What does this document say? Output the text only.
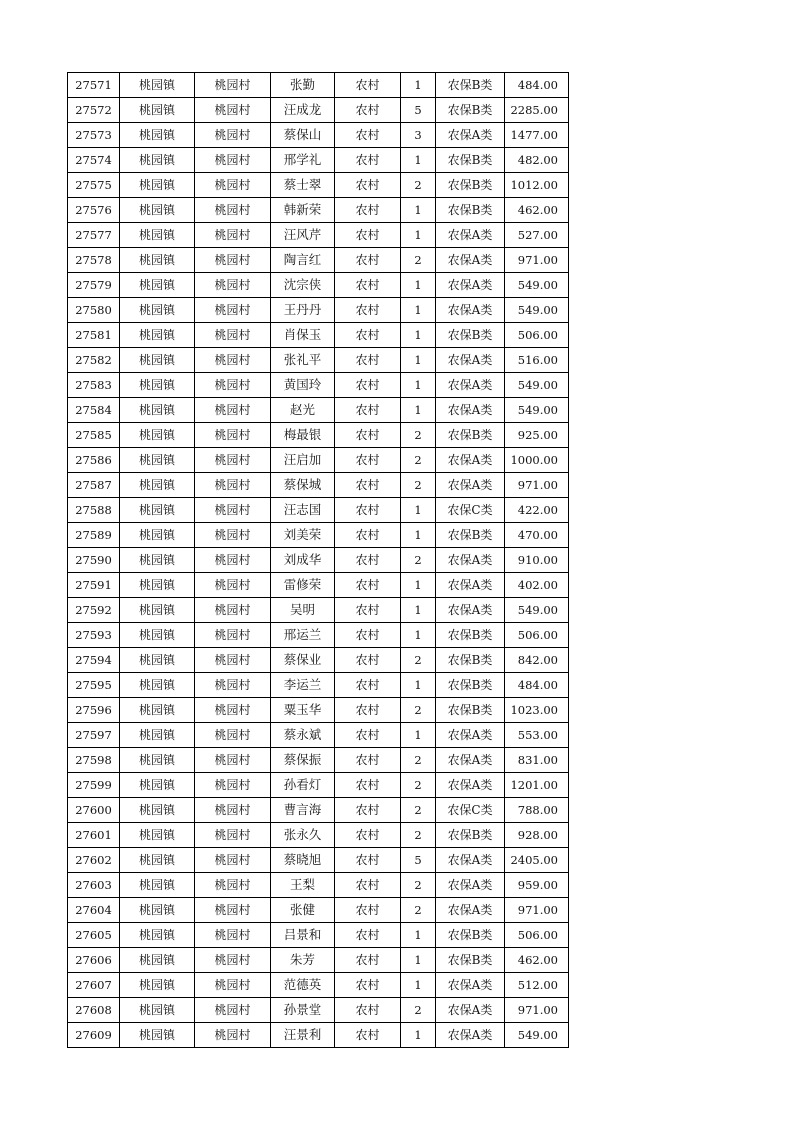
27571	桃园镇	桃园村	张勤	农村	1	农保B类	484.00
27572	桃园镇	桃园村	汪成龙	农村	5	农保B类	2285.00
27573	桃园镇	桃园村	蔡保山	农村	3	农保A类	1477.00
27574	桃园镇	桃园村	邢学礼	农村	1	农保B类	482.00
27575	桃园镇	桃园村	蔡士翠	农村	2	农保B类	1012.00
27576	桃园镇	桃园村	韩新荣	农村	1	农保B类	462.00
27577	桃园镇	桃园村	汪风芹	农村	1	农保A类	527.00
27578	桃园镇	桃园村	陶言红	农村	2	农保A类	971.00
27579	桃园镇	桃园村	沈宗侠	农村	1	农保A类	549.00
27580	桃园镇	桃园村	王丹丹	农村	1	农保A类	549.00
27581	桃园镇	桃园村	肖保玉	农村	1	农保B类	506.00
27582	桃园镇	桃园村	张礼平	农村	1	农保A类	516.00
27583	桃园镇	桃园村	黄国玲	农村	1	农保A类	549.00
27584	桃园镇	桃园村	赵光	农村	1	农保A类	549.00
27585	桃园镇	桃园村	梅最银	农村	2	农保B类	925.00
27586	桃园镇	桃园村	汪启加	农村	2	农保A类	1000.00
27587	桃园镇	桃园村	蔡保城	农村	2	农保A类	971.00
27588	桃园镇	桃园村	汪志国	农村	1	农保C类	422.00
27589	桃园镇	桃园村	刘美荣	农村	1	农保B类	470.00
27590	桃园镇	桃园村	刘成华	农村	2	农保A类	910.00
27591	桃园镇	桃园村	雷修荣	农村	1	农保A类	402.00
27592	桃园镇	桃园村	吴明	农村	1	农保A类	549.00
27593	桃园镇	桃园村	邢运兰	农村	1	农保B类	506.00
27594	桃园镇	桃园村	蔡保业	农村	2	农保B类	842.00
27595	桃园镇	桃园村	李运兰	农村	1	农保B类	484.00
27596	桃园镇	桃园村	粟玉华	农村	2	农保B类	1023.00
27597	桃园镇	桃园村	蔡永斌	农村	1	农保A类	553.00
27598	桃园镇	桃园村	蔡保振	农村	2	农保A类	831.00
27599	桃园镇	桃园村	孙看灯	农村	2	农保A类	1201.00
27600	桃园镇	桃园村	曹言海	农村	2	农保C类	788.00
27601	桃园镇	桃园村	张永久	农村	2	农保B类	928.00
27602	桃园镇	桃园村	蔡晓旭	农村	5	农保A类	2405.00
27603	桃园镇	桃园村	王梨	农村	2	农保A类	959.00
27604	桃园镇	桃园村	张健	农村	2	农保A类	971.00
27605	桃园镇	桃园村	吕景和	农村	1	农保B类	506.00
27606	桃园镇	桃园村	朱芳	农村	1	农保B类	462.00
27607	桃园镇	桃园村	范德英	农村	1	农保A类	512.00
27608	桃园镇	桃园村	孙景堂	农村	2	农保A类	971.00
27609	桃园镇	桃园村	汪景利	农村	1	农保A类	549.00
